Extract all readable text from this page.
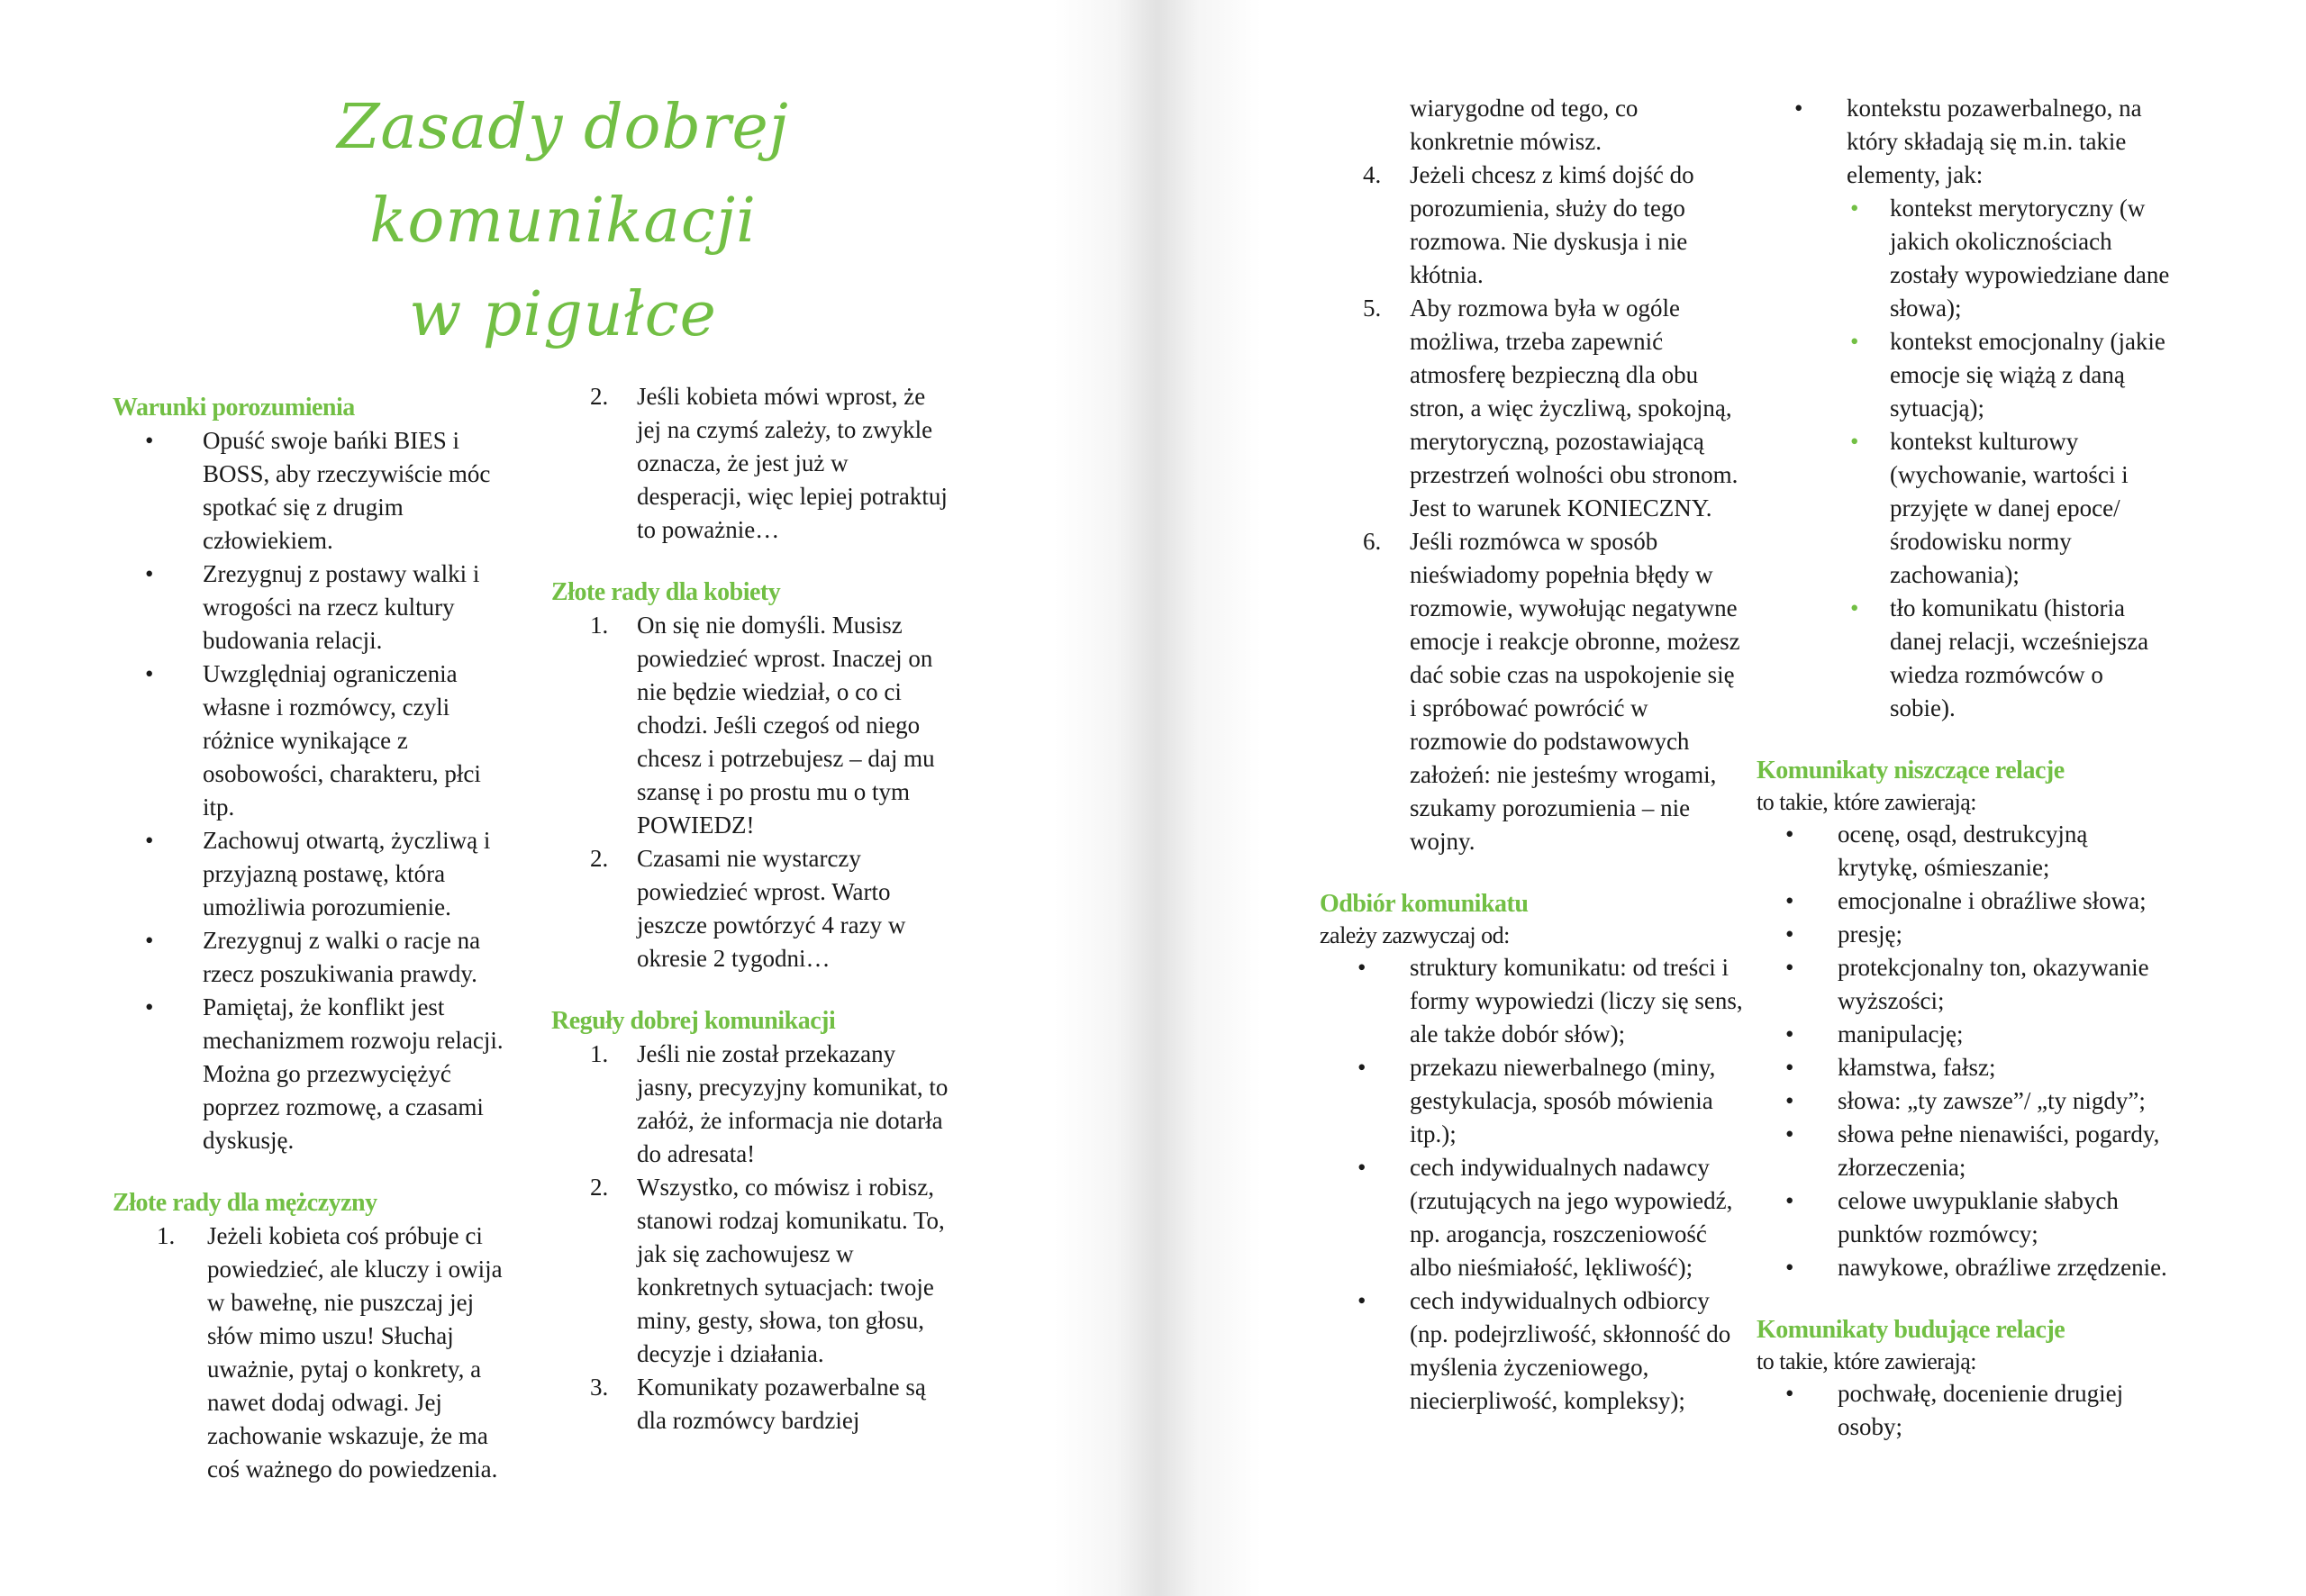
Zasady dobrej komunikacji
w pigułce
Warunki porozumienia
• Opuść swoje bańki BIES i BOSS, aby rzeczywiście móc spotkać się z drugim człowiekiem.
• Zrezygnuj z postawy walki i wrogości na rzecz kultury budowania relacji.
• Uwzględniaj ograniczenia własne i rozmówcy, czyli różnice wynikające z osobowości, charakteru, płci itp.
• Zachowuj otwartą, życzliwą i przyjazną postawę, która umożliwia porozumienie.
• Zrezygnuj z walki o racje na rzecz poszukiwania prawdy.
• Pamiętaj, że konflikt jest mechanizmem rozwoju relacji. Można go przezwyciężyć poprzez rozmowę, a czasami dyskusję.
Złote rady dla mężczyzny
1. Jeżeli kobieta coś próbuje ci powiedzieć, ale kluczy i owija w bawełnę, nie puszczaj jej słów mimo uszu! Słuchaj uważnie, pytaj o konkrety, a nawet dodaj odwagi. Jej zachowanie wskazuje, że ma coś ważnego do powiedzenia.
2. Jeśli kobieta mówi wprost, że jej na czymś zależy, to zwykle oznacza, że jest już w desperacji, więc lepiej potraktuj to poważnie…
Złote rady dla kobiety
1. On się nie domyśli. Musisz powiedzieć wprost. Inaczej on nie będzie wiedział, o co ci chodzi. Jeśli czegoś od niego chcesz i potrzebujesz – daj mu szansę i po prostu mu o tym POWIEDZ!
2. Czasami nie wystarczy powiedzieć wprost. Warto jeszcze powtórzyć 4 razy w okresie 2 tygodni…
Reguły dobrej komunikacji
1. Jeśli nie został przekazany jasny, precyzyjny komunikat, to załóż, że informacja nie dotarła do adresata!
2. Wszystko, co mówisz i robisz, stanowi rodzaj komunikatu. To, jak się zachowujesz w konkretnych sytuacjach: twoje miny, gesty, słowa, ton głosu, decyzje i działania.
3. Komunikaty pozawerbalne są dla rozmówcy bardziej
wiarygodne od tego, co konkretnie mówisz.
4. Jeżeli chcesz z kimś dojść do porozumienia, służy do tego rozmowa. Nie dyskusja i nie kłótnia.
5. Aby rozmowa była w ogóle możliwa, trzeba zapewnić atmosferę bezpieczną dla obu stron, a więc życzliwą, spokojną, merytoryczną, pozostawiającą przestrzeń wolności obu stronom. Jest to warunek KONIECZNY.
6. Jeśli rozmówca w sposób nieświadomy popełnia błędy w rozmowie, wywołując negatywne emocje i reakcje obronne, możesz dać sobie czas na uspokojenie się i spróbować powrócić w rozmowie do podstawowych założeń: nie jesteśmy wrogami, szukamy porozumienia – nie wojny.
Odbiór komunikatu
zależy zazwyczaj od:
• struktury komunikatu: od treści i formy wypowiedzi (liczy się sens, ale także dobór słów);
• przekazu niewerbalnego (miny, gestykulacja, sposób mówienia itp.);
• cech indywidualnych nadawcy (rzutujących na jego wypowiedź, np. arogancja, roszczeniowość albo nieśmiałość, lękliwość);
• cech indywidualnych odbiorcy (np. podejrzliwość, skłonność do myślenia życzeniowego, niecierpliwość, kompleksy);
• kontekstu pozawerbalnego, na który składają się m.in. takie elementy, jak:
• kontekst merytoryczny (w jakich okolicznościach zostały wypowiedziane dane słowa);
• kontekst emocjonalny (jakie emocje się wiążą z daną sytuacją);
• kontekst kulturowy (wychowanie, wartości i przyjęte w danej epoce/środowisku normy zachowania);
• tło komunikatu (historia danej relacji, wcześniejsza wiedza rozmówców o sobie).
Komunikaty niszczące relacje
to takie, które zawierają:
• ocenę, osąd, destrukcyjną krytykę, ośmieszanie;
• emocjonalne i obraźliwe słowa;
• presję;
• protekcjonalny ton, okazywanie wyższości;
• manipulację;
• kłamstwa, fałsz;
• słowa: „ty zawsze”/ „ty nigdy”;
• słowa pełne nienawiści, pogardy, złorzeczenia;
• celowe uwypuklanie słabych punktów rozmówcy;
• nawykowe, obraźliwe zrzędzenie.
Komunikaty budujące relacje
to takie, które zawierają:
• pochwałę, docenienie drugiej osoby;
